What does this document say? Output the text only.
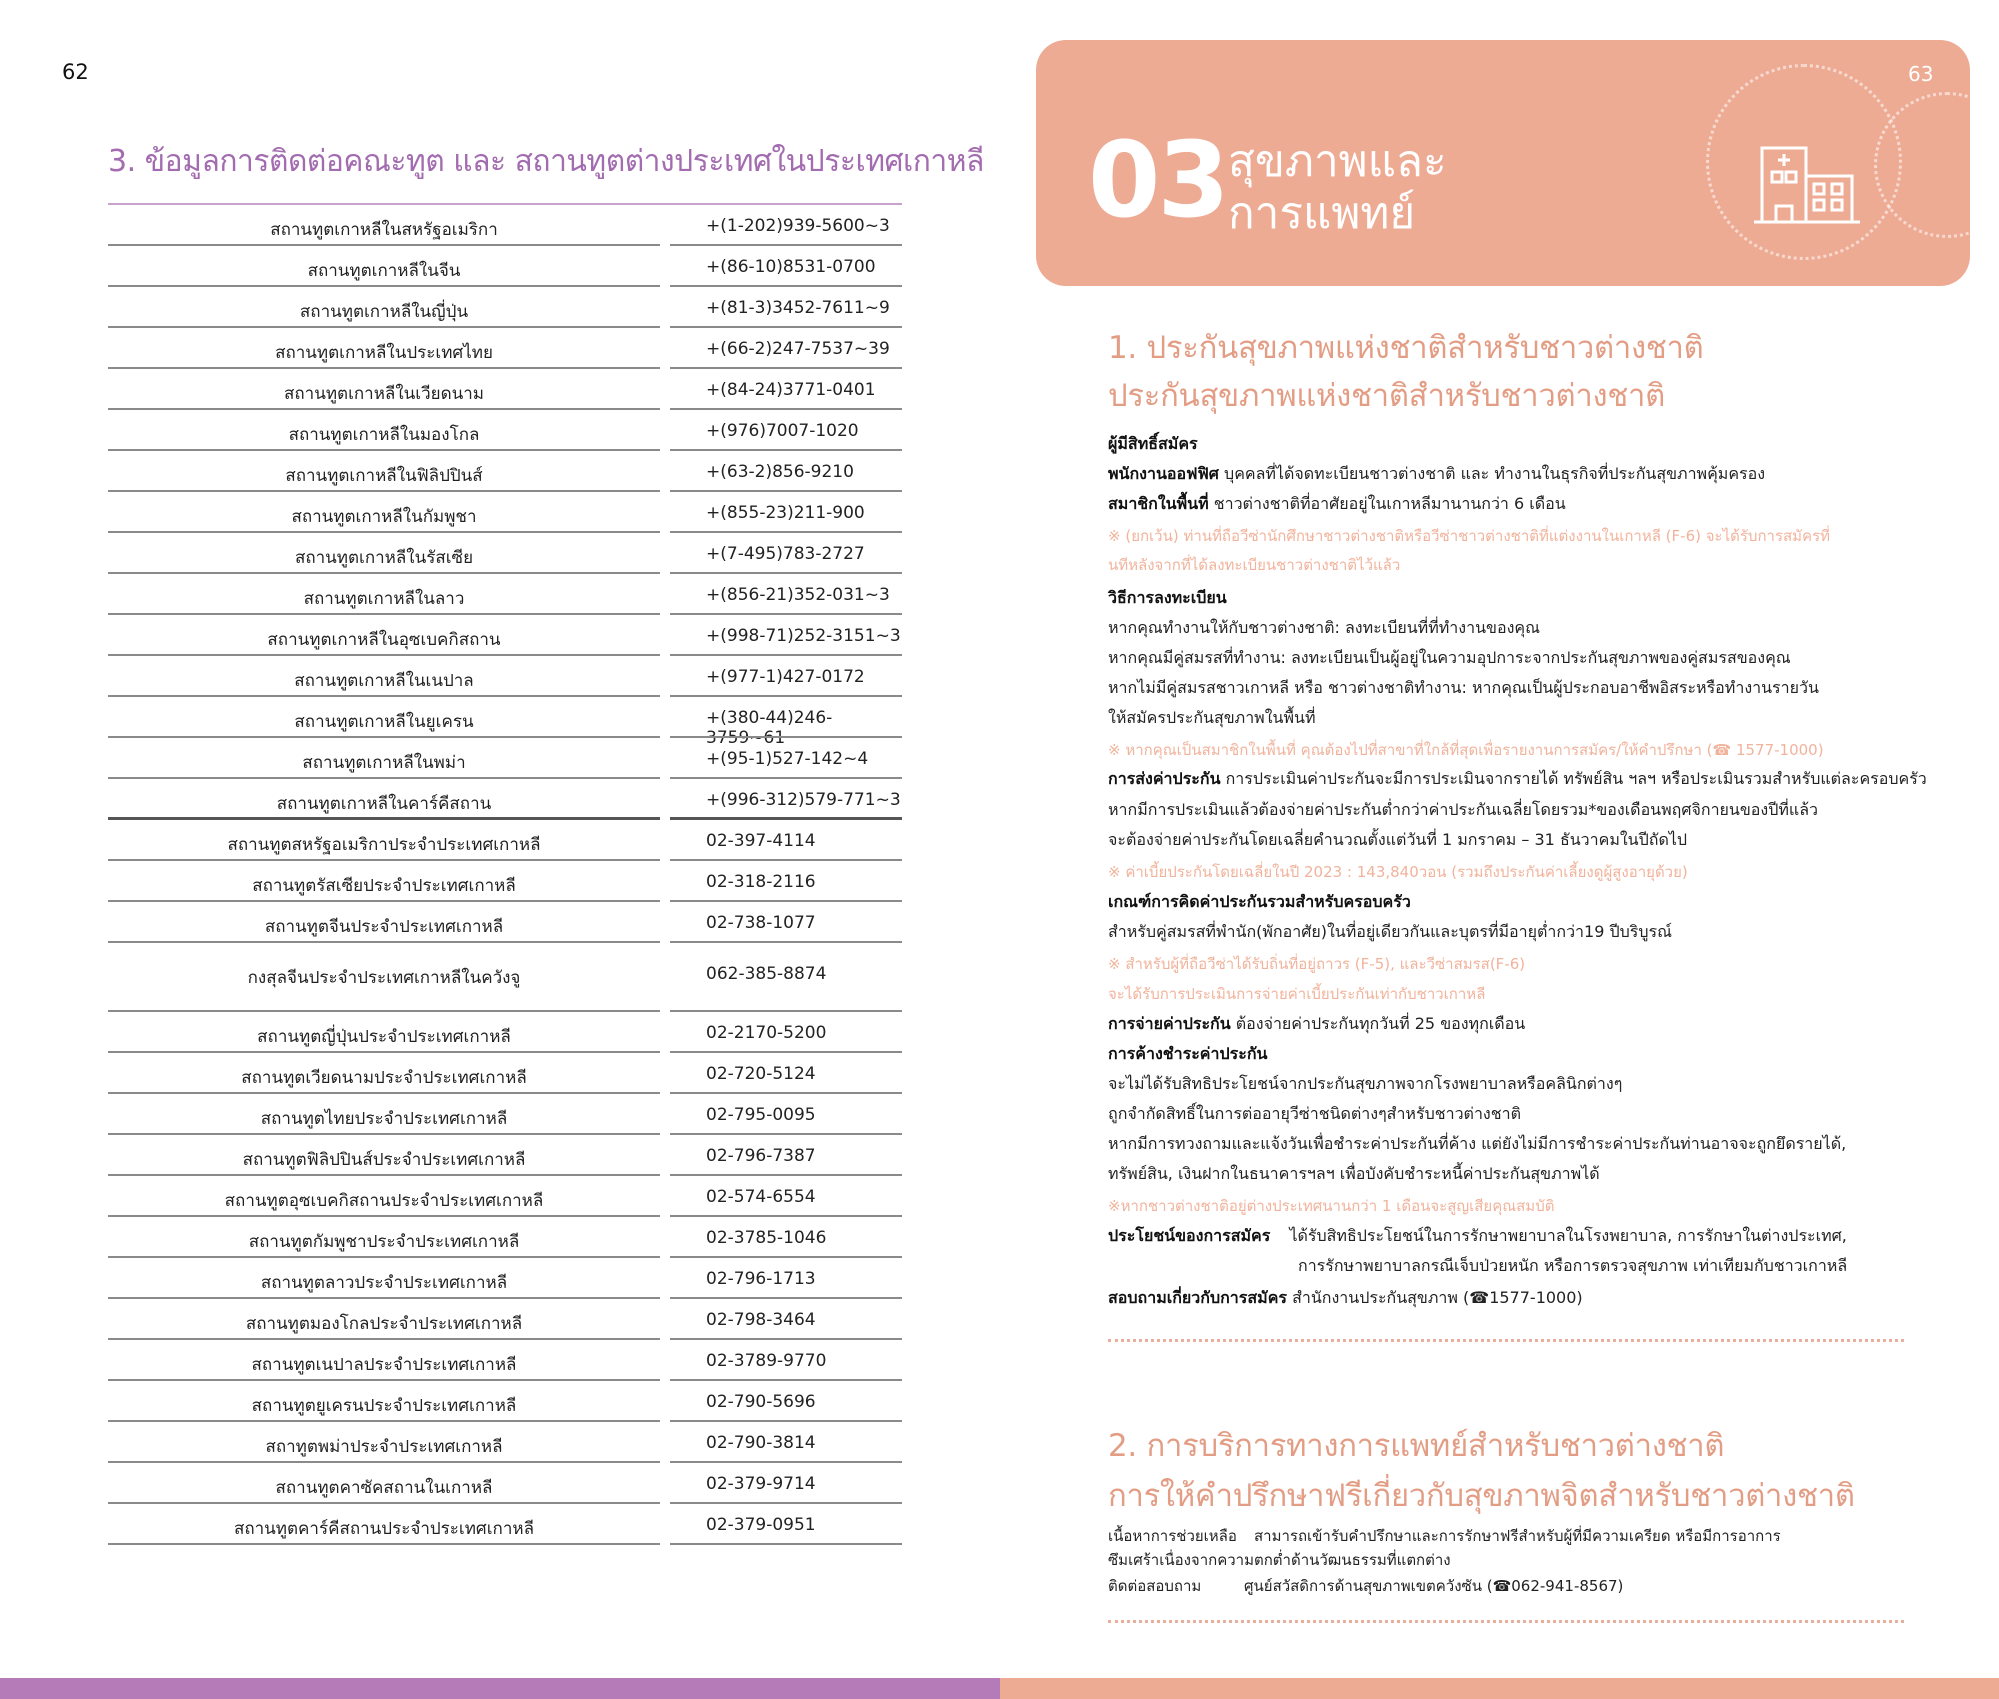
62
3. ข้อมูลการติดต่อคณะทูต และ สถานทูตต่างประเทศในประเทศเกาหลี
สถานทูตเกาหลีในสหรัฐอเมริกา	+(1-202)939-5600~3
สถานทูตเกาหลีในจีน	+(86-10)8531-0700
สถานทูตเกาหลีในญี่ปุ่น	+(81-3)3452-7611~9
สถานทูตเกาหลีในประเทศไทย	+(66-2)247-7537~39
สถานทูตเกาหลีในเวียดนาม	+(84-24)3771-0401
สถานทูตเกาหลีในมองโกล	+(976)7007-1020
สถานทูตเกาหลีในฟิลิปปินส์	+(63-2)856-9210
สถานทูตเกาหลีในกัมพูชา	+(855-23)211-900
สถานทูตเกาหลีในรัสเซีย	+(7-495)783-2727
สถานทูตเกาหลีในลาว	+(856-21)352-031~3
สถานทูตเกาหลีในอุซเบคกิสถาน	+(998-71)252-3151~3
สถานทูตเกาหลีในเนปาล	+(977-1)427-0172
สถานทูตเกาหลีในยูเครน	+(380-44)246-3759~61
สถานทูตเกาหลีในพม่า	+(95-1)527-142~4
สถานทูตเกาหลีในคาร์คีสถาน	+(996-312)579-771~3
สถานทูตสหรัฐอเมริกาประจำประเทศเกาหลี	02-397-4114
สถานทูตรัสเซียประจำประเทศเกาหลี	02-318-2116
สถานทูตจีนประจำประเทศเกาหลี	02-738-1077
กงสุลจีนประจำประเทศเกาหลีในควังจู	062-385-8874
สถานทูตญี่ปุ่นประจำประเทศเกาหลี	02-2170-5200
สถานทูตเวียดนามประจำประเทศเกาหลี	02-720-5124
สถานทูตไทยประจำประเทศเกาหลี	02-795-0095
สถานทูตฟิลิปปินส์ประจำประเทศเกาหลี	02-796-7387
สถานทูตอุซเบคกิสถานประจำประเทศเกาหลี	02-574-6554
สถานทูตกัมพูชาประจำประเทศเกาหลี	02-3785-1046
สถานทูตลาวประจำประเทศเกาหลี	02-796-1713
สถานทูตมองโกลประจำประเทศเกาหลี	02-798-3464
สถานทูตเนปาลประจำประเทศเกาหลี	02-3789-9770
สถานทูตยูเครนประจำประเทศเกาหลี	02-790-5696
สถาทูตพม่าประจำประเทศเกาหลี	02-790-3814
สถานทูตคาซัคสถานในเกาหลี	02-379-9714
สถานทูตคาร์คีสถานประจำประเทศเกาหลี	02-379-0951
63
03 สุขภาพและ
การแพทย์
1. ประกันสุขภาพแห่งชาติสำหรับชาวต่างชาติ
ประกันสุขภาพแห่งชาติสำหรับชาวต่างชาติ
ผู้มีสิทธิ์สมัคร
พนักงานออฟฟิศ บุคคลที่ได้จดทะเบียนชาวต่างชาติ และ ทำงานในธุรกิจที่ประกันสุขภาพคุ้มครอง
สมาชิกในพื้นที่ ชาวต่างชาติที่อาศัยอยู่ในเกาหลีมานานกว่า 6 เดือน
※ (ยกเว้น) ท่านที่ถือวีซ่านักศึกษาชาวต่างชาติหรือวีซ่าชาวต่างชาติที่แต่งงานในเกาหลี (F-6) จะได้รับการสมัครที่
นทีหลังจากที่ได้ลงทะเบียนชาวต่างชาติไว้แล้ว
วิธีการลงทะเบียน
หากคุณทำงานให้กับชาวต่างชาติ: ลงทะเบียนที่ที่ทำงานของคุณ
หากคุณมีคู่สมรสที่ทำงาน: ลงทะเบียนเป็นผู้อยู่ในความอุปการะจากประกันสุขภาพของคู่สมรสของคุณ
หากไม่มีคู่สมรสชาวเกาหลี หรือ ชาวต่างชาติทำงาน: หากคุณเป็นผู้ประกอบอาชีพอิสระหรือทำงานรายวัน
ให้สมัครประกันสุขภาพในพื้นที่
※ หากคุณเป็นสมาชิกในพื้นที่ คุณต้องไปที่สาขาที่ใกล้ที่สุดเพื่อรายงานการสมัคร/ให้คำปรึกษา (☎ 1577-1000)
การส่งค่าประกัน การประเมินค่าประกันจะมีการประเมินจากรายได้ ทรัพย์สิน ฯลฯ หรือประเมินรวมสำหรับแต่ละครอบครัว
หากมีการประเมินแล้วต้องจ่ายค่าประกันต่ำกว่าค่าประกันเฉลี่ยโดยรวม*ของเดือนพฤศจิกายนของปีที่แล้ว
จะต้องจ่ายค่าประกันโดยเฉลี่ยคำนวณตั้งแต่วันที่ 1 มกราคม – 31 ธันวาคมในปีถัดไป
※ ค่าเบี้ยประกันโดยเฉลี่ยในปี 2023 : 143,840วอน (รวมถึงประกันค่าเลี้ยงดูผู้สูงอายุด้วย)
เกณฑ์การคิดค่าประกันรวมสำหรับครอบครัว
สำหรับคู่สมรสที่พำนัก(พักอาศัย)ในที่อยู่เดียวกันและบุตรที่มีอายุต่ำกว่า19 ปีบริบูรณ์
※ สำหรับผู้ที่ถือวีซ่าได้รับถิ่นที่อยู่ถาวร (F-5), และวีซ่าสมรส(F-6)
จะได้รับการประเมินการจ่ายค่าเบี้ยประกันเท่ากับชาวเกาหลี
การจ่ายค่าประกัน ต้องจ่ายค่าประกันทุกวันที่ 25 ของทุกเดือน
การค้างชำระค่าประกัน
จะไม่ได้รับสิทธิประโยชน์จากประกันสุขภาพจากโรงพยาบาลหรือคลินิกต่างๆ
ถูกจำกัดสิทธิ์ในการต่ออายุวีซ่าชนิดต่างๆสำหรับชาวต่างชาติ
หากมีการทวงถามและแจ้งวันเพื่อชำระค่าประกันที่ค้าง แต่ยังไม่มีการชำระค่าประกันท่านอาจจะถูกยึดรายได้,
ทรัพย์สิน, เงินฝากในธนาคารฯลฯ เพื่อบังคับชำระหนี้ค่าประกันสุขภาพได้
※หากชาวต่างชาติอยู่ต่างประเทศนานกว่า 1 เดือนจะสูญเสียคุณสมบัติ
ประโยชน์ของการสมัคร ได้รับสิทธิประโยชน์ในการรักษาพยาบาลในโรงพยาบาล, การรักษาในต่างประเทศ,
การรักษาพยาบาลกรณีเจ็บป่วยหนัก หรือการตรวจสุขภาพ เท่าเทียมกับชาวเกาหลี
สอบถามเกี่ยวกับการสมัคร สำนักงานประกันสุขภาพ (☎1577-1000)
2. การบริการทางการแพทย์สำหรับชาวต่างชาติ
การให้คำปรึกษาฟรีเกี่ยวกับสุขภาพจิตสำหรับชาวต่างชาติ
เนื้อหาการช่วยเหลือ สามารถเข้ารับคำปรึกษาและการรักษาฟรีสำหรับผู้ที่มีความเครียด หรือมีการอาการ
ซึมเศร้าเนื่องจากความตกต่ำด้านวัฒนธรรมที่แตกต่าง
ติดต่อสอบถาม	ศูนย์สวัสดิการด้านสุขภาพเขตควังซัน (☎062-941-8567)
